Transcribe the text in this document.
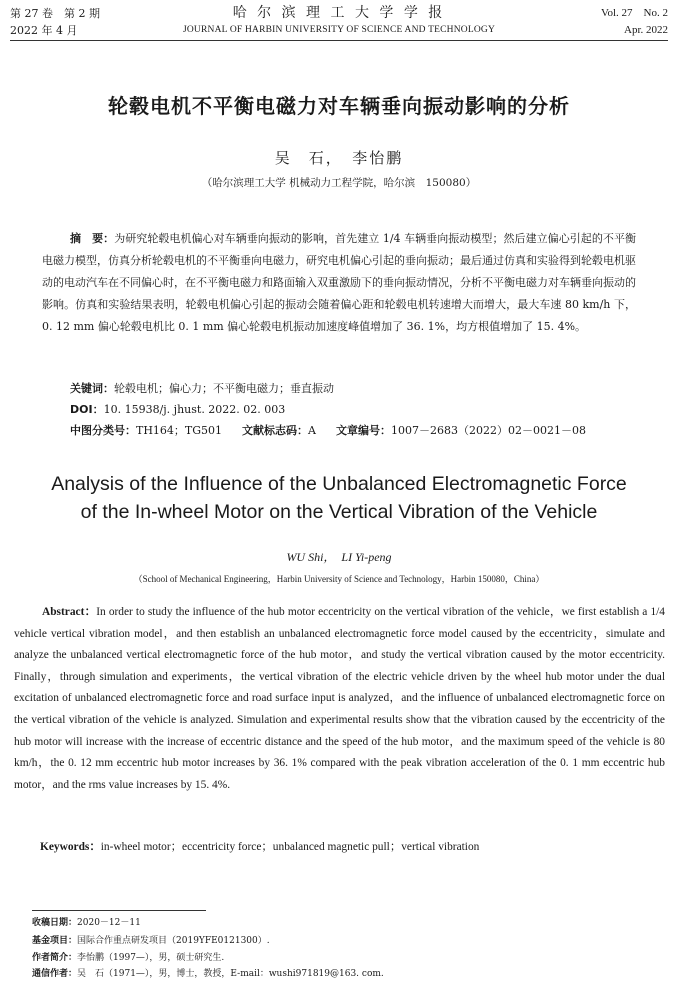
第 27 卷　第 2 期
2022 年 4 月
哈 尔 滨 理 工 大 学 学 报
JOURNAL OF HARBIN UNIVERSITY OF SCIENCE AND TECHNOLOGY
Vol. 27　No. 2
Apr. 2022
轮毂电机不平衡电磁力对车辆垂向振动影响的分析
吴　石，　李怡鹏
（哈尔滨理工大学 机械动力工程学院，哈尔滨　150080）
摘　要：为研究轮毂电机偏心对车辆垂向振动的影响，首先建立 1/4 车辆垂向振动模型；然后建立偏心引起的不平衡电磁力模型，仿真分析轮毂电机的不平衡垂向电磁力，研究电机偏心引起的垂向振动；最后通过仿真和实验得到轮毂电机驱动的电动汽车在不同偏心时，在不平衡电磁力和路面输入双重激励下的垂向振动情况，分析不平衡电磁力对车辆垂向振动的影响。仿真和实验结果表明，轮毂电机偏心引起的振动会随着偏心距和轮毂电机转速增大而增大，最大车速 80 km/h 下，0. 12 mm 偏心轮毂电机比 0. 1 mm 偏心轮毂电机振动加速度峰值增加了 36. 1%，均方根值增加了 15. 4%。
关键词：轮毂电机；偏心力；不平衡电磁力；垂直振动
DOI：10. 15938/j. jhust. 2022. 02. 003
中图分类号：TH164；TG501 文献标志码：A 文章编号：1007－2683（2022）02－0021－08
Analysis of the Influence of the Unbalanced Electromagnetic Force
of the In-wheel Motor on the Vertical Vibration of the Vehicle
WU Shi，　LI Yi-peng
（School of Mechanical Engineering，Harbin University of Science and Technology，Harbin 150080，China）
Abstract：In order to study the influence of the hub motor eccentricity on the vertical vibration of the vehicle，we first establish a 1/4 vehicle vertical vibration model，and then establish an unbalanced electromagnetic force model caused by the eccentricity，simulate and analyze the unbalanced vertical electromagnetic force of the hub motor，and study the vertical vibration caused by the motor eccentricity. Finally，through simulation and experiments，the vertical vibration of the electric vehicle driven by the wheel hub motor under the dual excitation of unbalanced electromagnetic force and road surface input is analyzed，and the influence of unbalanced electromagnetic force on the vertical vibration of the vehicle is analyzed. Simulation and experimental results show that the vibration caused by the eccentricity of the hub motor will increase with the increase of eccentric distance and the speed of the hub motor，and the maximum speed of the vehicle is 80 km/h，the 0. 12 mm eccentric hub motor increases by 36. 1% compared with the peak vibration acceleration of the 0. 1 mm eccentric hub motor，and the rms value increases by 15. 4%.
Keywords：in-wheel motor；eccentricity force；unbalanced magnetic pull；vertical vibration
收稿日期：2020－12－11
基金项目：国际合作重点研发项目（2019YFE0121300）.
作者简介：李怡鹏（1997—），男，硕士研究生.
通信作者：吴　石（1971—），男，博士，教授，E-mail：wushi971819@163. com.
